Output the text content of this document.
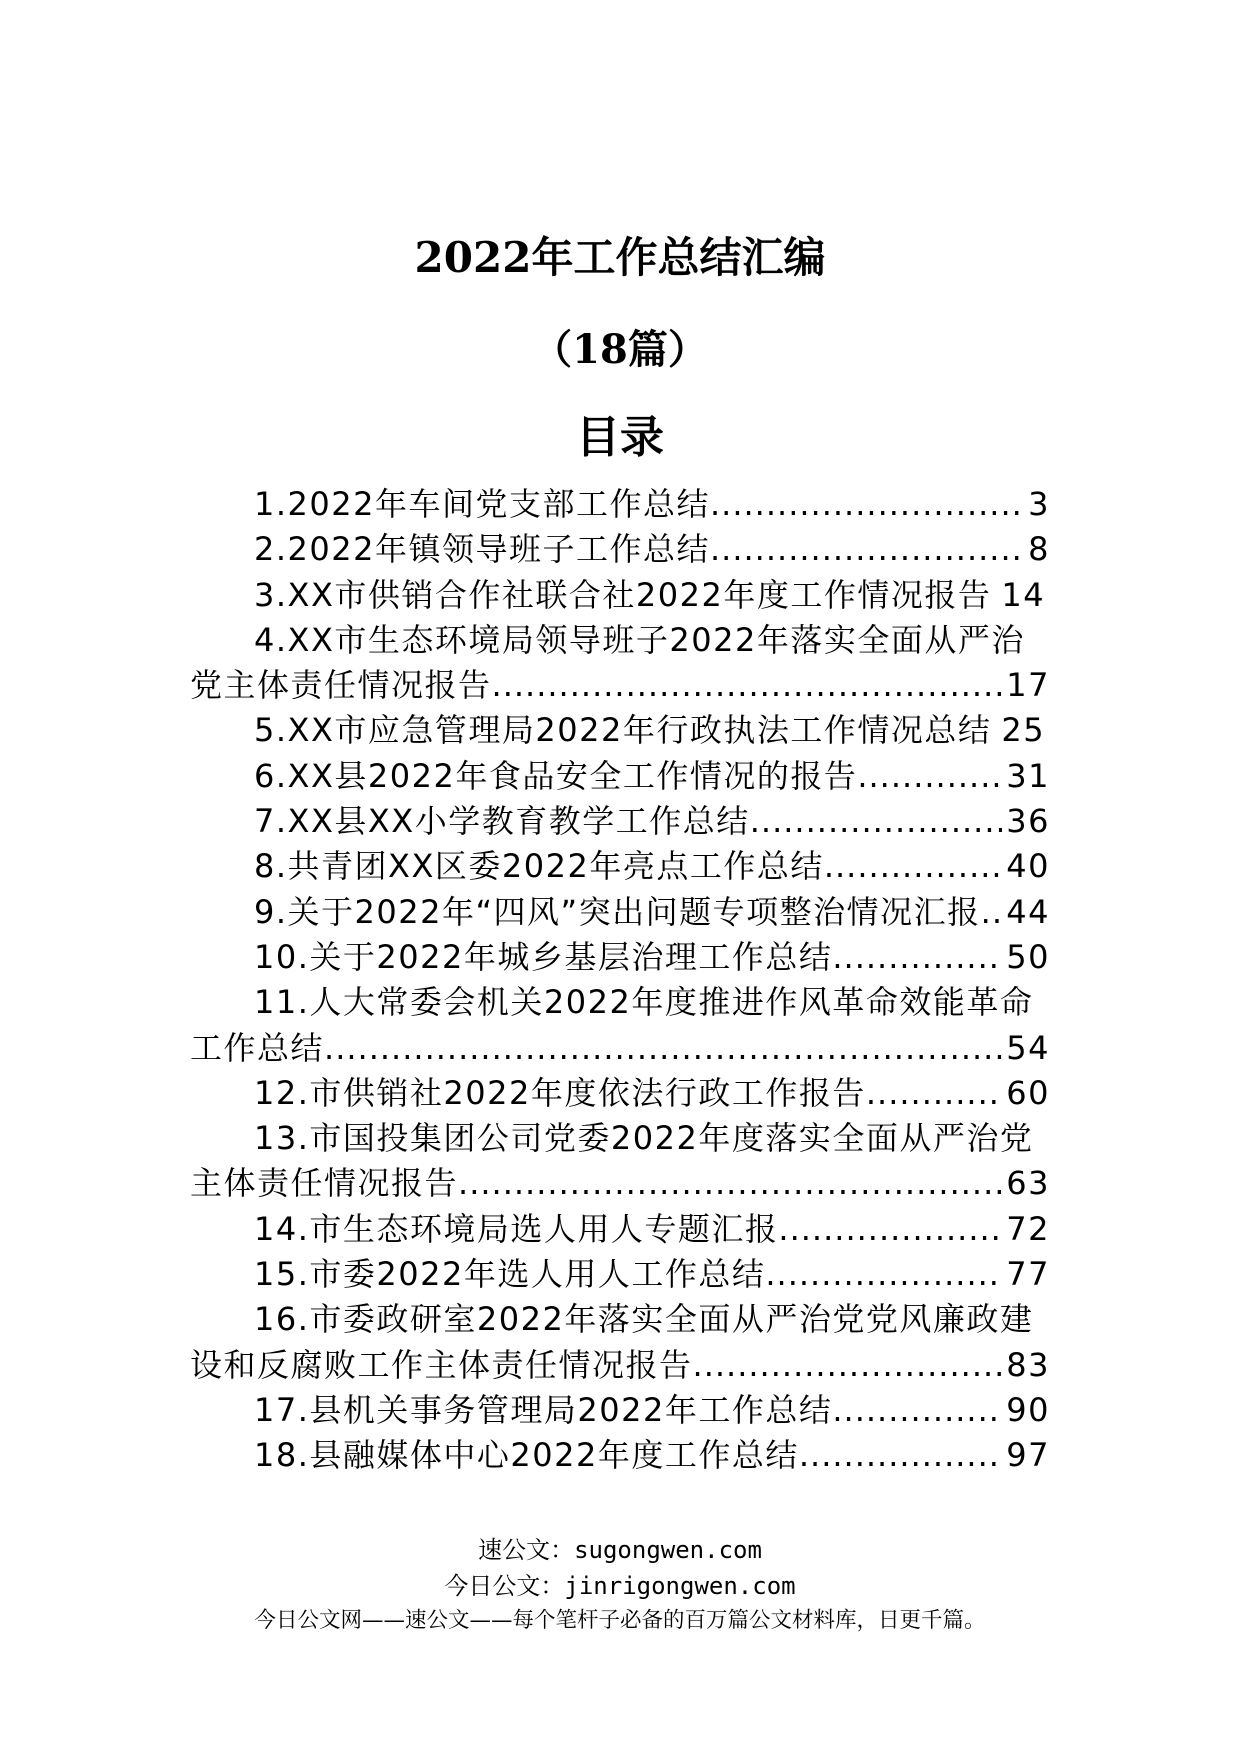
2022年工作总结汇编
（18篇）
目录
1.2022年车间党支部工作总结 .....	3
2.2022年镇领导班子工作总结 .....	8
3.XX市供销合作社联合社2022年度工作情况报告 14
4.XX市生态环境局领导班子2022年落实全面从严治
党主体责任情况报告 .....	17
5.XX市应急管理局2022年行政执法工作情况总结 25
6.XX县2022年食品安全工作情况的报告 .....	31
7.XX县XX小学教育教学工作总结 .....	36
8.共青团XX区委2022年亮点工作总结 .....	40
9.关于2022年“四风”突出问题专项整治情况汇报 ..... 44
10.关于2022年城乡基层治理工作总结 .....	50
11.人大常委会机关2022年度推进作风革命效能革命
工作总结 .....	54
12.市供销社2022年度依法行政工作报告 .....	60
13.市国投集团公司党委2022年度落实全面从严治党
主体责任情况报告 .....	63
14.市生态环境局选人用人专题汇报 .....	72
15.市委2022年选人用人工作总结 .....	77
16.市委政研室2022年落实全面从严治党党风廉政建
设和反腐败工作主体责任情况报告 .....	83
17.县机关事务管理局2022年工作总结 .....	90
18.县融媒体中心2022年度工作总结 .....	97

速公文：sugongwen.com

今日公文：jinrigongwen.com

今日公文网——速公文——每个笔杆子必备的百万篇公文材料库，日更千篇。
